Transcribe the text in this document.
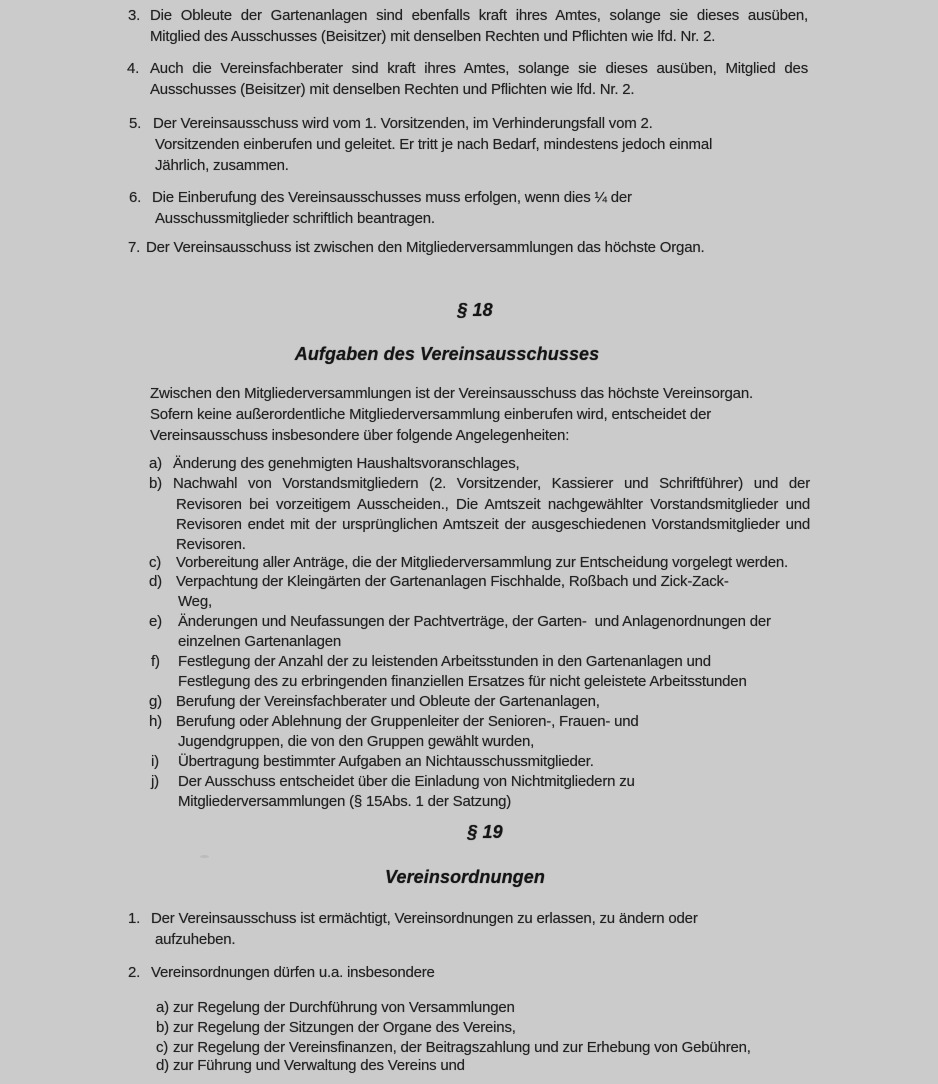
Die Obleute der Gartenanlagen sind ebenfalls kraft ihres Amtes, solange sie dieses ausüben,
3.
Mitglied des Ausschusses (Beisitzer) mit denselben Rechten und Pflichten wie lfd. Nr. 2.
Auch die Vereinsfachberater sind kraft ihres Amtes, solange sie dieses ausüben, Mitglied des
4.
Ausschusses (Beisitzer) mit denselben Rechten und Pflichten wie lfd. Nr. 2.
Der Vereinsausschuss wird vom 1. Vorsitzenden, im Verhinderungsfall vom 2.
5.
Vorsitzenden einberufen und geleitet. Er tritt je nach Bedarf, mindestens jedoch einmal
Jährlich, zusammen.
Die Einberufung des Vereinsausschusses muss erfolgen, wenn dies ¼ der
6.
Ausschussmitglieder schriftlich beantragen.
Der Vereinsausschuss ist zwischen den Mitgliederversammlungen das höchste Organ.
7.
§ 18
Aufgaben des Vereinsausschusses
Zwischen den Mitgliederversammlungen ist der Vereinsausschuss das höchste Vereinsorgan.
Sofern keine außerordentliche Mitgliederversammlung einberufen wird, entscheidet der
Vereinsausschuss insbesondere über folgende Angelegenheiten:
Änderung des genehmigten Haushaltsvoranschlages,
a)
Nachwahl von Vorstandsmitgliedern (2. Vorsitzender, Kassierer und Schriftführer) und der
b)
Revisoren bei vorzeitigem Ausscheiden., Die Amtszeit nachgewählter Vorstandsmitglieder und
Revisoren endet mit der ursprünglichen Amtszeit der ausgeschiedenen Vorstandsmitglieder und
Revisoren.
Vorbereitung aller Anträge, die der Mitgliederversammlung zur Entscheidung vorgelegt werden.
c)
Verpachtung der Kleingärten der Gartenanlagen Fischhalde, Roßbach und Zick-Zack-
d)
Weg,
Änderungen und Neufassungen der Pachtverträge, der Garten-  und Anlagenordnungen der
e)
einzelnen Gartenanlagen
Festlegung der Anzahl der zu leistenden Arbeitsstunden in den Gartenanlagen und
f)
Festlegung des zu erbringenden finanziellen Ersatzes für nicht geleistete Arbeitsstunden
Berufung der Vereinsfachberater und Obleute der Gartenanlagen,
g)
Berufung oder Ablehnung der Gruppenleiter der Senioren-, Frauen- und
h)
Jugendgruppen, die von den Gruppen gewählt wurden,
Übertragung bestimmter Aufgaben an Nichtausschussmitglieder.
i)
Der Ausschuss entscheidet über die Einladung von Nichtmitgliedern zu
j)
Mitgliederversammlungen (§ 15Abs. 1 der Satzung)
§ 19
Vereinsordnungen
Der Vereinsausschuss ist ermächtigt, Vereinsordnungen zu erlassen, zu ändern oder
1.
aufzuheben.
Vereinsordnungen dürfen u.a. insbesondere
2.
zur Regelung der Durchführung von Versammlungen
a)
zur Regelung der Sitzungen der Organe des Vereins,
b)
zur Regelung der Vereinsfinanzen, der Beitragszahlung und zur Erhebung von Gebühren,
c)
zur Führung und Verwaltung des Vereins und
d)
